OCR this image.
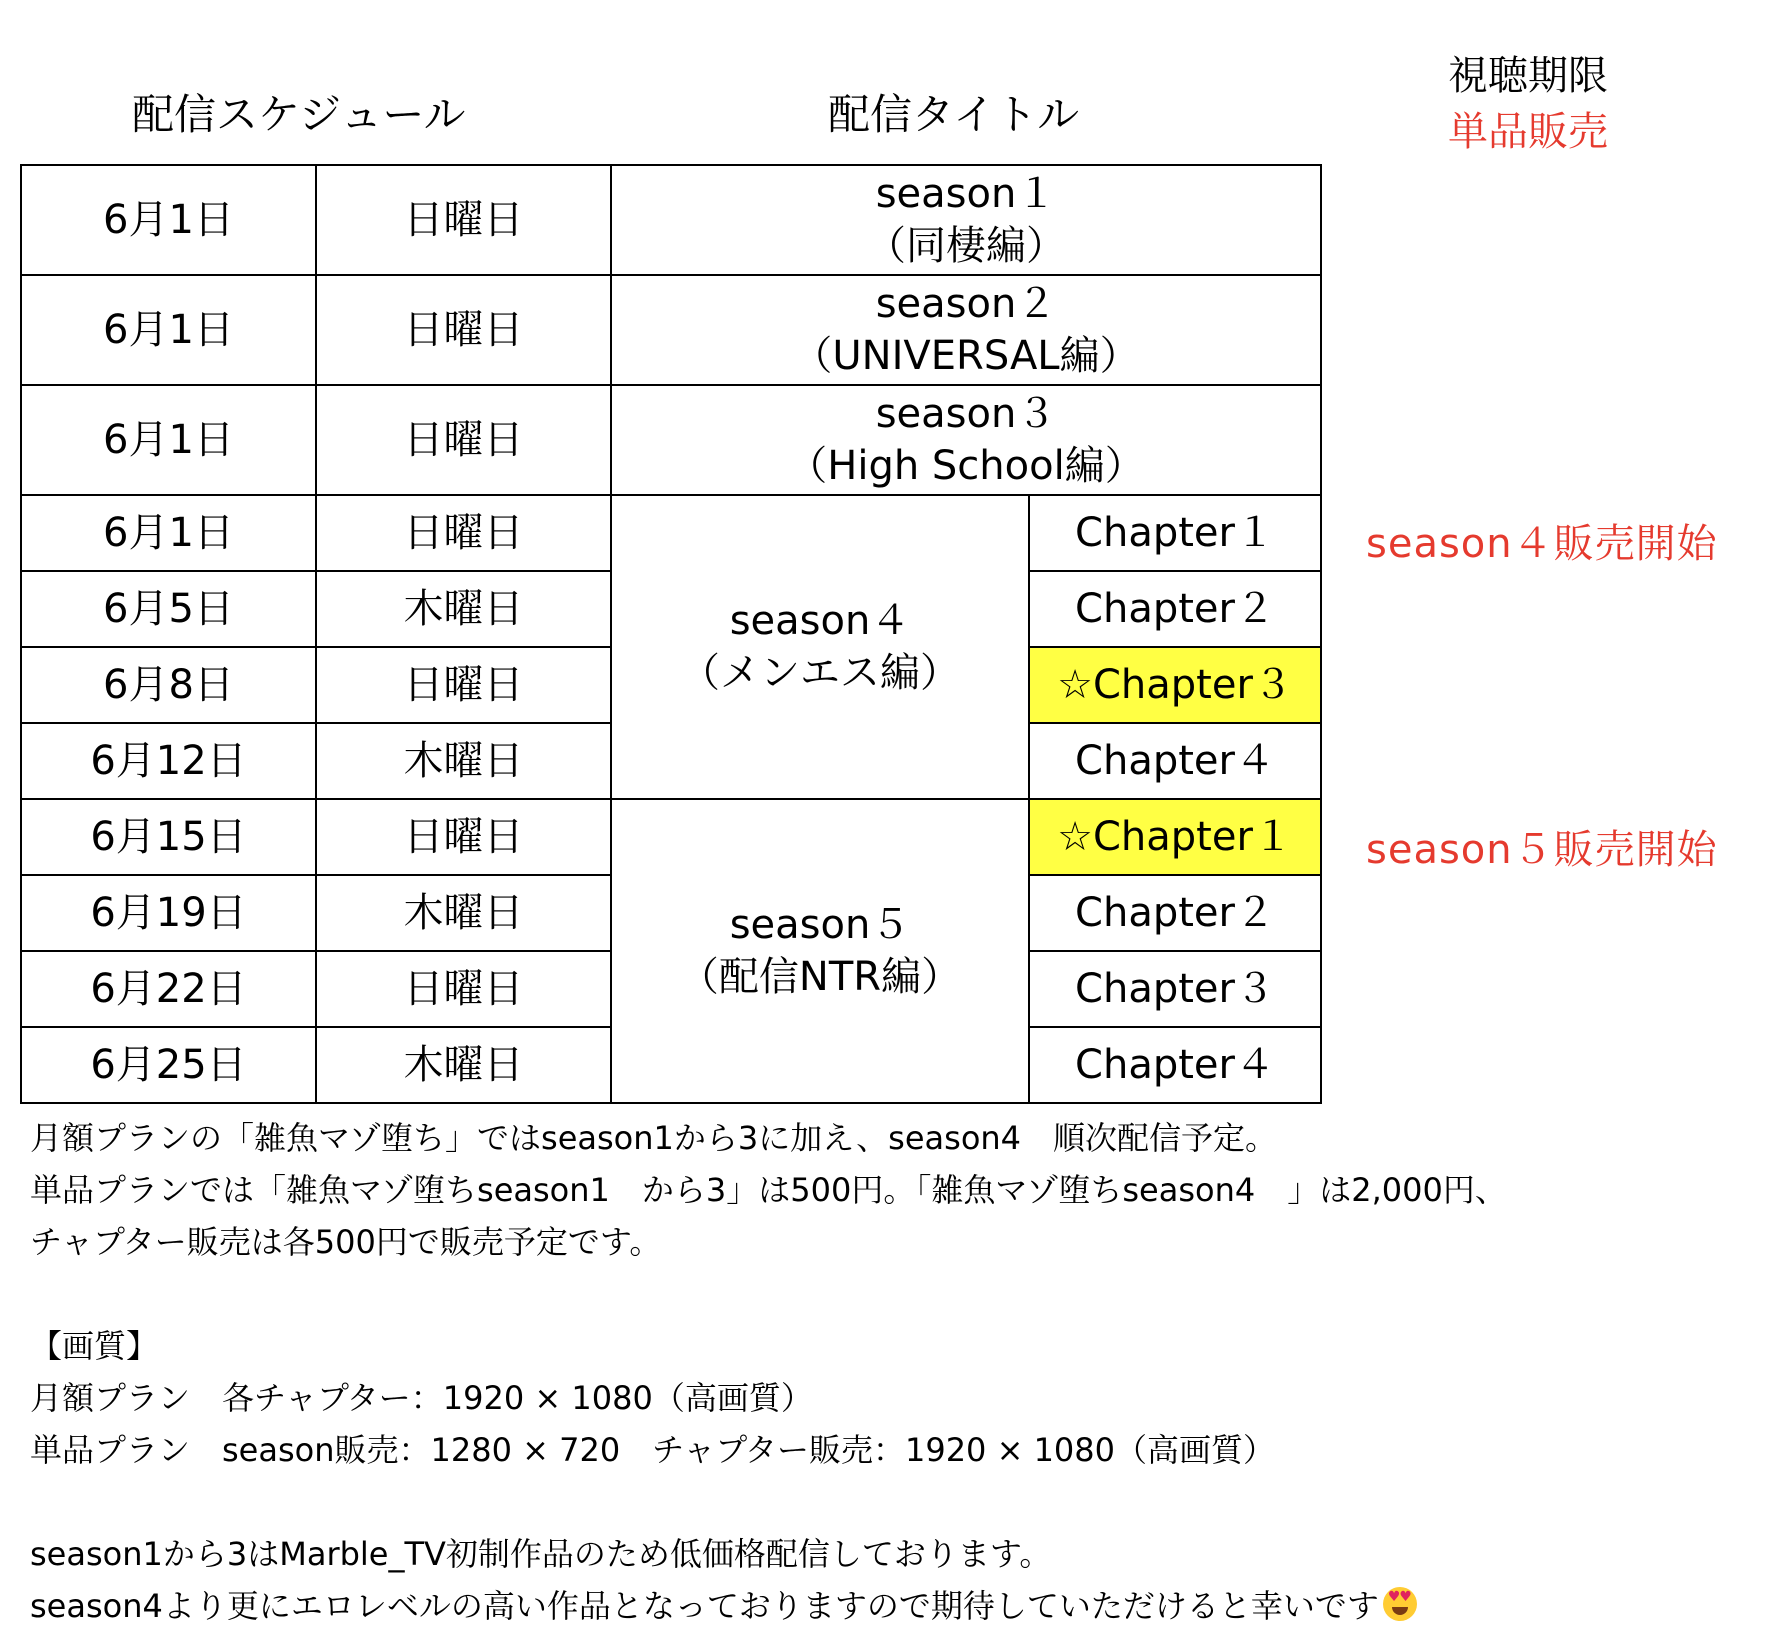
配信スケジュール	配信タイトル
視聴期限
単品販売
6月1日	日曜日	season１
（同棲編）	

6月1日	日曜日	season２
（UNIVERSAL編）	

6月1日	日曜日	season３
（High School編）	

6月1日	日曜日	season４
（メンエス編）	Chapter１
6月5日	木曜日		Chapter２
6月8日	日曜日		☆Chapter３
6月12日	木曜日		Chapter４
6月15日	日曜日	season５
（配信NTR編）	☆Chapter１
6月19日	木曜日		Chapter２
6月22日	日曜日		Chapter３
6月25日	木曜日		Chapter４
season４販売開始
season５販売開始

月額プランの「雑魚マゾ堕ち」ではseason1から3に加え、season4　順次配信予定。

単品プランでは「雑魚マゾ堕ちseason1　から3」は500円。「雑魚マゾ堕ちseason4　」は2,000円、

チャプター販売は各500円で販売予定です。

【画質】

月額プラン　各チャプター：1920 × 1080（高画質）

単品プラン　season販売：1280 × 720　チャプター販売：1920 × 1080（高画質）

season1から3はMarble_TV初制作品のため低価格配信しております。

season4より更にエロレベルの高い作品となっておりますので期待していただけると幸いです♥
♥
